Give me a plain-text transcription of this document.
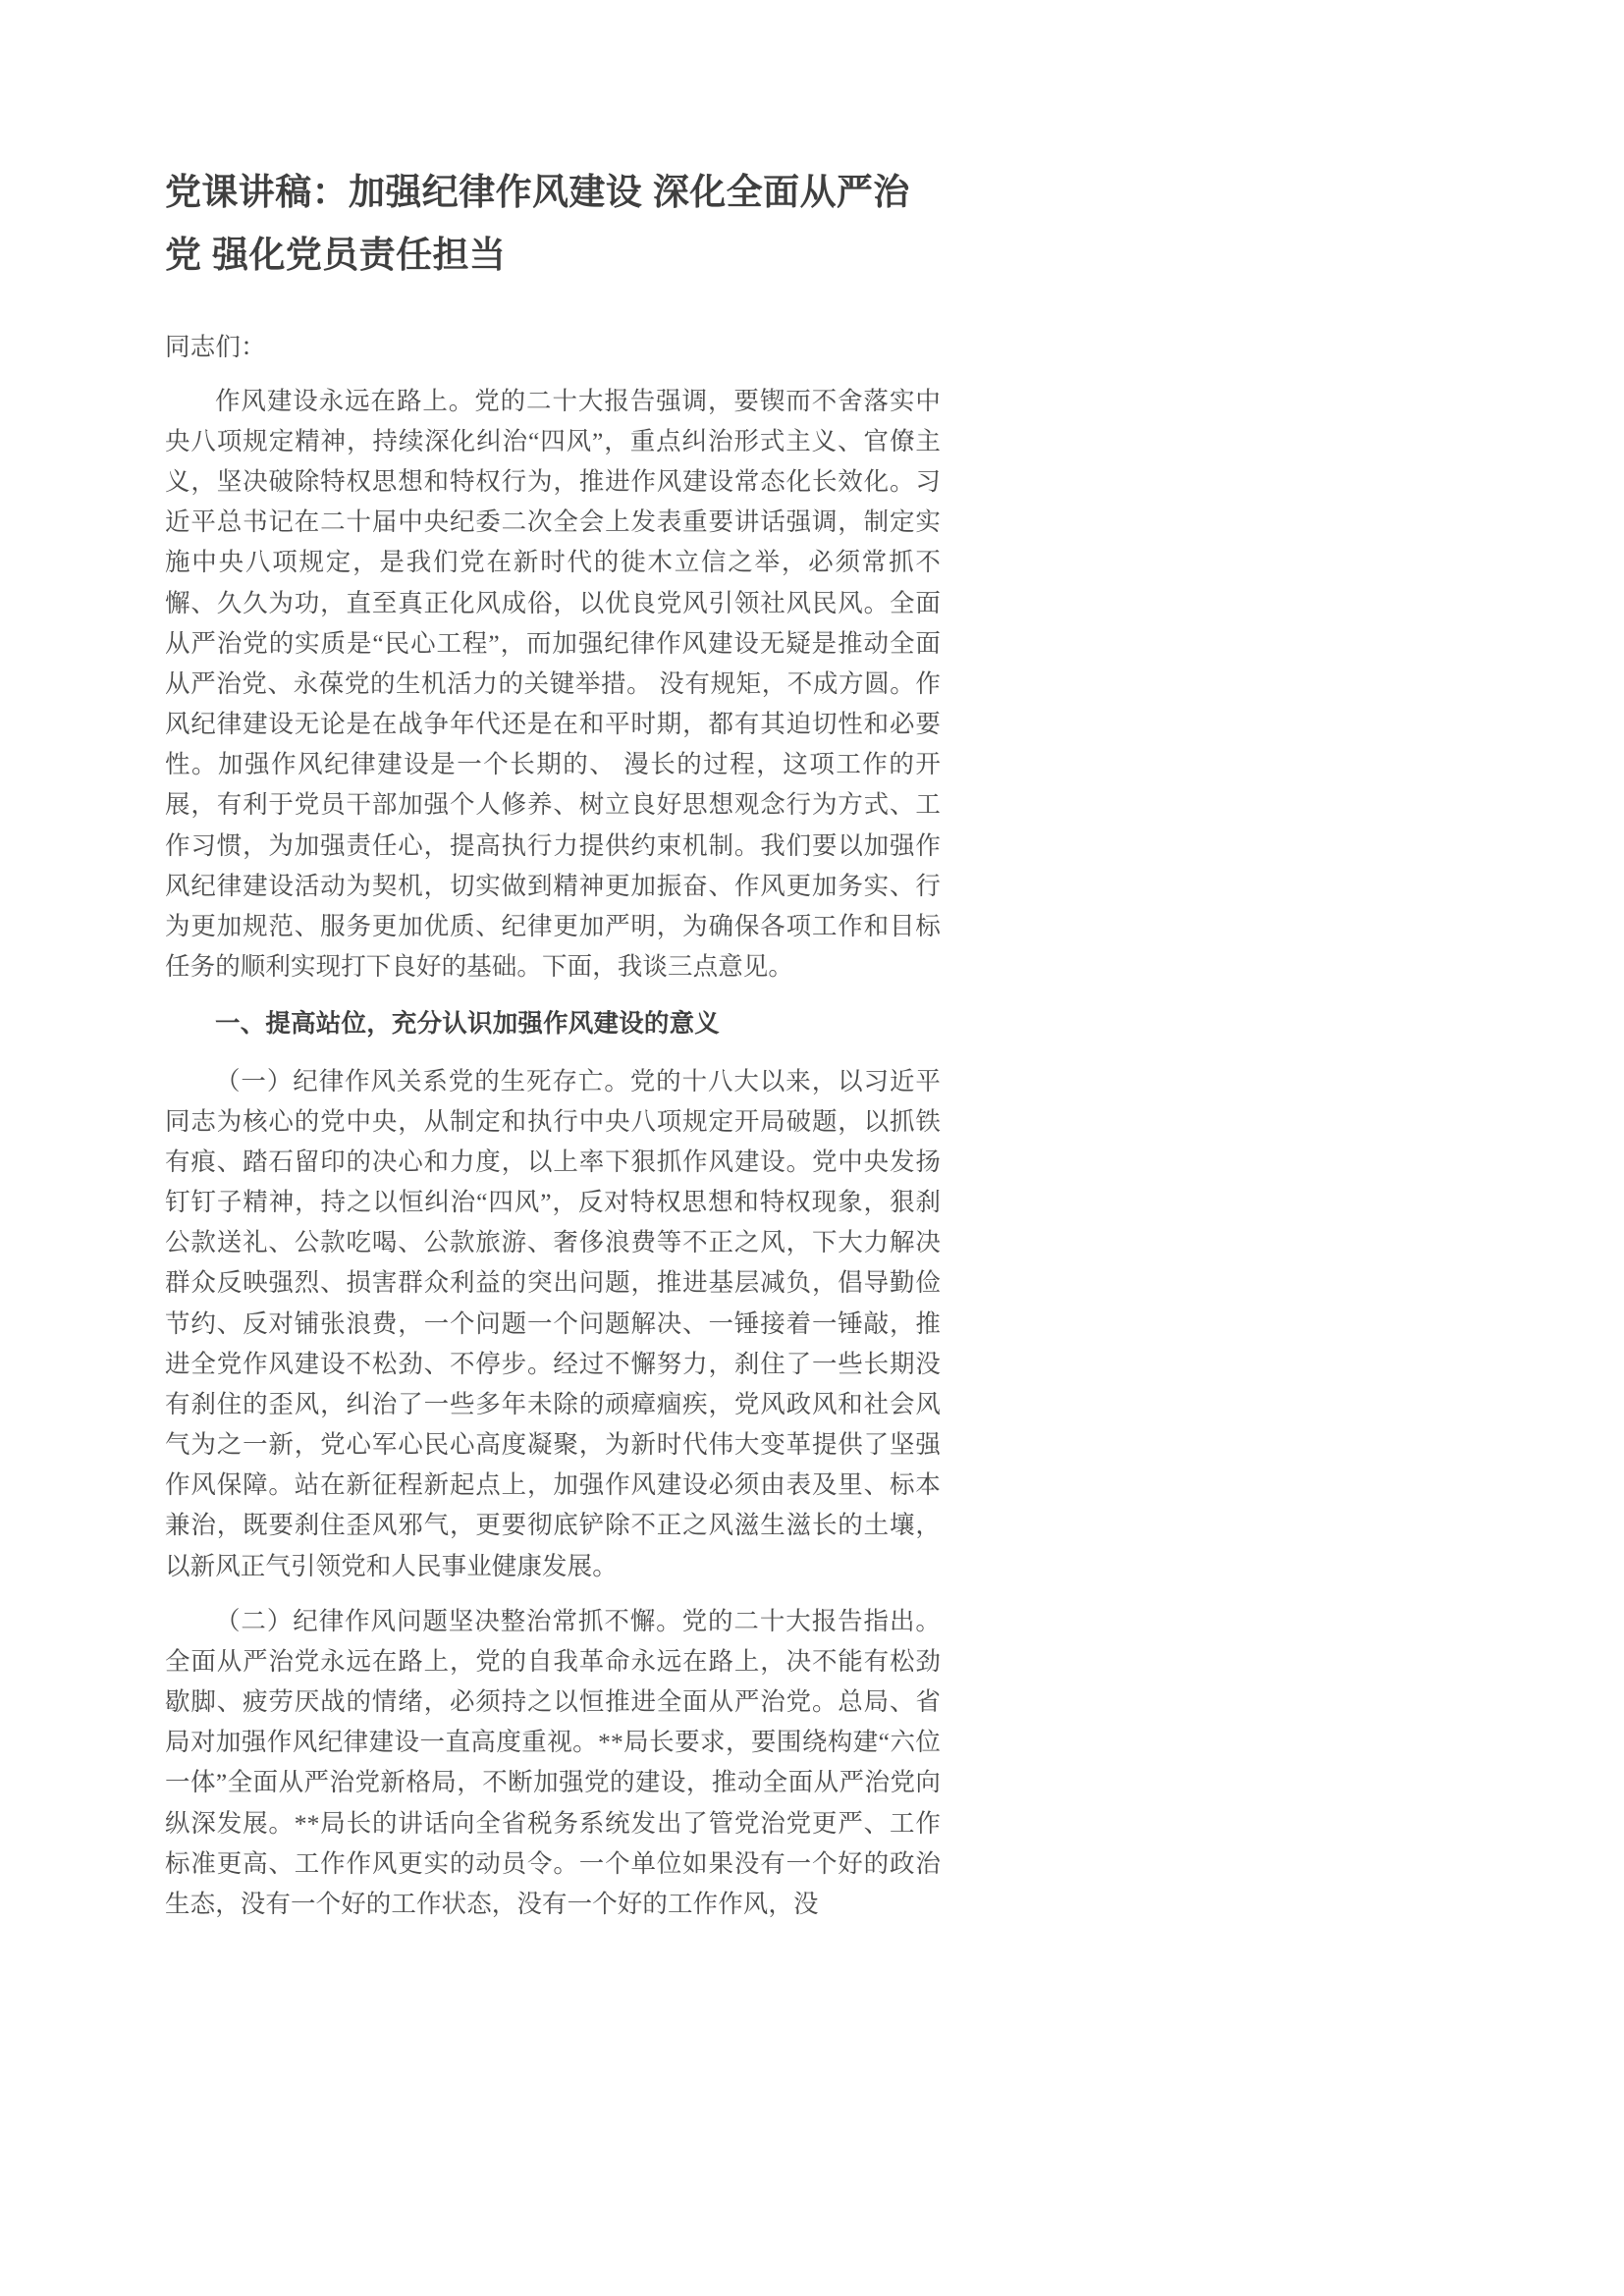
党课讲稿：加强纪律作风建设 深化全面从严治党 强化党员责任担当

同志们：

作风建设永远在路上。党的二十大报告强调，要锲而不舍落实中央八项规定精神，持续深化纠治“四风”，重点纠治形式主义、官僚主义，坚决破除特权思想和特权行为，推进作风建设常态化长效化。习近平总书记在二十届中央纪委二次全会上发表重要讲话强调，制定实施中央八项规定，是我们党在新时代的徙木立信之举，必须常抓不懈、久久为功，直至真正化风成俗，以优良党风引领社风民风。全面从严治党的实质是“民心工程”，而加强纪律作风建设无疑是推动全面从严治党、永葆党的生机活力的关键举措。 没有规矩，不成方圆。作风纪律建设无论是在战争年代还是在和平时期，都有其迫切性和必要性。加强作风纪律建设是一个长期的、 漫长的过程，这项工作的开展，有利于党员干部加强个人修养、树立良好思想观念行为方式、工作习惯，为加强责任心，提高执行力提供约束机制。我们要以加强作风纪律建设活动为契机，切实做到精神更加振奋、作风更加务实、行为更加规范、服务更加优质、纪律更加严明，为确保各项工作和目标任务的顺利实现打下良好的基础。下面，我谈三点意见。

一、提高站位，充分认识加强作风建设的意义

（一）纪律作风关系党的生死存亡。党的十八大以来，以习近平同志为核心的党中央，从制定和执行中央八项规定开局破题，以抓铁有痕、踏石留印的决心和力度，以上率下狠抓作风建设。党中央发扬钉钉子精神，持之以恒纠治“四风”，反对特权思想和特权现象，狠刹公款送礼、公款吃喝、公款旅游、奢侈浪费等不正之风，下大力解决群众反映强烈、损害群众利益的突出问题，推进基层减负，倡导勤俭节约、反对铺张浪费，一个问题一个问题解决、一锤接着一锤敲，推进全党作风建设不松劲、不停步。经过不懈努力，刹住了一些长期没有刹住的歪风，纠治了一些多年未除的顽瘴痼疾，党风政风和社会风气为之一新，党心军心民心高度凝聚，为新时代伟大变革提供了坚强作风保障。站在新征程新起点上，加强作风建设必须由表及里、标本兼治，既要刹住歪风邪气，更要彻底铲除不正之风滋生滋长的土壤，以新风正气引领党和人民事业健康发展。

（二）纪律作风问题坚决整治常抓不懈。党的二十大报告指出。全面从严治党永远在路上，党的自我革命永远在路上，决不能有松劲歇脚、疲劳厌战的情绪，必须持之以恒推进全面从严治党。总局、省局对加强作风纪律建设一直高度重视。**局长要求，要围绕构建“六位一体”全面从严治党新格局，不断加强党的建设，推动全面从严治党向纵深发展。**局长的讲话向全省税务系统发出了管党治党更严、工作标准更高、工作作风更实的动员令。一个单位如果没有一个好的政治生态，没有一个好的工作状态，没有一个好的工作作风，没
